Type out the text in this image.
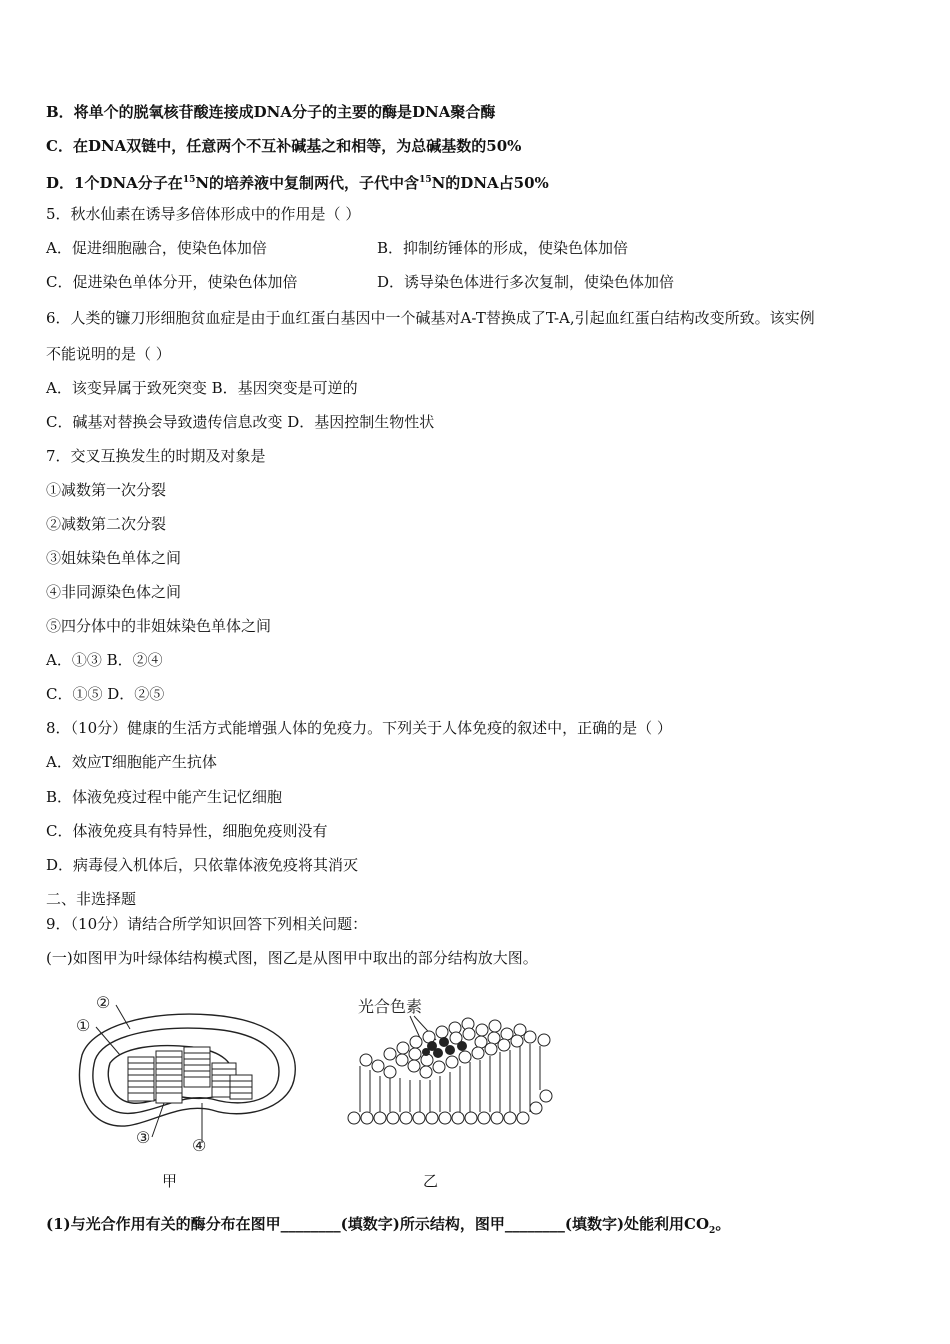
B．将单个的脱氧核苷酸连接成DNA分子的主要的酶是DNA聚合酶
C．在DNA双链中，任意两个不互补碱基之和相等，为总碱基数的50%
D．1个DNA分子在$^{15}$N的培养液中复制两代，子代中含$^{15}$N的DNA占50%
5．秋水仙素在诱导多倍体形成中的作用是（ ）
A．促进细胞融合，使染色体加倍	B．抑制纺锤体的形成，使染色体加倍
C．促进染色单体分开，使染色体加倍	D．诱导染色体进行多次复制，使染色体加倍
6．人类的镰刀形细胞贫血症是由于血红蛋白基因中一个碱基对A-T替换成了T-A,引起血红蛋白结构改变所致。该实例
不能说明的是（ ）
A．该变异属于致死突变 B．基因突变是可逆的
C．碱基对替换会导致遗传信息改变 D．基因控制生物性状
7．交叉互换发生的时期及对象是
①减数第一次分裂
②减数第二次分裂
③姐妹染色单体之间
④非同源染色体之间
⑤四分体中的非姐妹染色单体之间
A．①③ B．②④
C．①⑤ D．②⑤
8．（10分）健康的生活方式能增强人体的免疫力。下列关于人体免疫的叙述中，正确的是（ ）
A．效应T细胞能产生抗体
B．体液免疫过程中能产生记忆细胞
C．体液免疫具有特异性，细胞免疫则没有
D．病毒侵入机体后，只依靠体液免疫将其消灭
二、非选择题
9．（10分）请结合所学知识回答下列相关问题：
(一)如图甲为叶绿体结构模式图，图乙是从图甲中取出的部分结构放大图。
②
①
③	④
甲
光合色素
乙
(1)与光合作用有关的酶分布在图甲________(填数字)所示结构，图甲________(填数字)处能利用$CO_2$。
